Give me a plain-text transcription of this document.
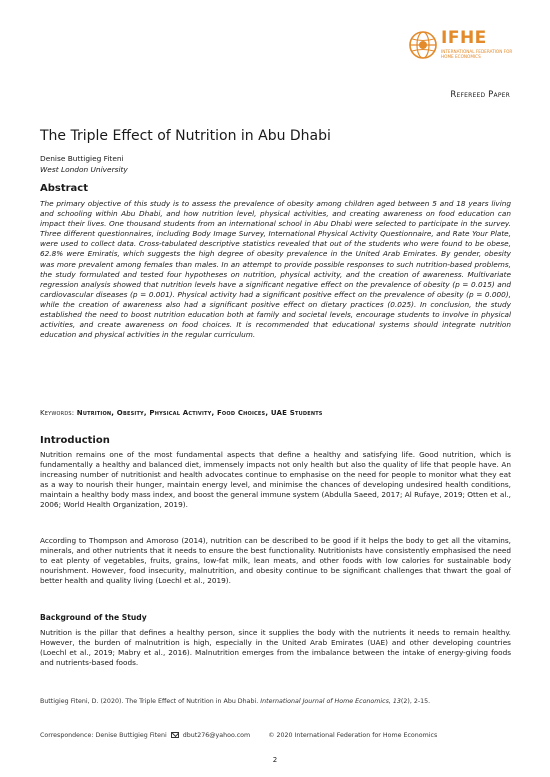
IFHE
INTERNATIONAL FEDERATION FOR HOME ECONOMICS
Refereed Paper
The Triple Effect of Nutrition in Abu Dhabi
Denise Buttigieg Fiteni
West London University
Abstract

The primary objective of this study is to assess the prevalence of obesity among children aged between 5 and 18 years living and schooling within Abu Dhabi, and how nutrition level, physical activities, and creating awareness on food education can impact their lives. One thousand students from an international school in Abu Dhabi were selected to participate in the survey. Three different questionnaires, including Body Image Survey, International Physical Activity Questionnaire, and Rate Your Plate, were used to collect data. Cross-tabulated descriptive statistics revealed that out of the students who were found to be obese, 62.8% were Emiratis, which suggests the high degree of obesity prevalence in the United Arab Emirates. By gender, obesity was more prevalent among females than males. In an attempt to provide possible responses to such nutrition-based problems, the study formulated and tested four hypotheses on nutrition, physical activity, and the creation of awareness. Multivariate regression analysis showed that nutrition levels have a significant negative effect on the prevalence of obesity (p = 0.015) and cardiovascular diseases (p = 0.001). Physical activity had a significant positive effect on the prevalence of obesity (p = 0.000), while the creation of awareness also had a significant positive effect on dietary practices (0.025). In conclusion, the study established the need to boost nutrition education both at family and societal levels, encourage students to involve in physical activities, and create awareness on food choices. It is recommended that educational systems should integrate nutrition education and physical activities in the regular curriculum.

Keywords: Nutrition, Obesity, Physical Activity, Food Choices, UAE Students
Introduction

Nutrition remains one of the most fundamental aspects that define a healthy and satisfying life. Good nutrition, which is fundamentally a healthy and balanced diet, immensely impacts not only health but also the quality of life that people have. An increasing number of nutritionist and health advocates continue to emphasise on the need for people to monitor what they eat as a way to nourish their hunger, maintain energy level, and minimise the chances of developing undesired health conditions, maintain a healthy body mass index, and boost the general immune system (Abdulla Saeed, 2017; Al Rufaye, 2019; Otten et al., 2006; World Health Organization, 2019).

According to Thompson and Amoroso (2014), nutrition can be described to be good if it helps the body to get all the vitamins, minerals, and other nutrients that it needs to ensure the best functionality. Nutritionists have consistently emphasised the need to eat plenty of vegetables, fruits, grains, low-fat milk, lean meats, and other foods with low calories for sustainable body nourishment. However, food insecurity, malnutrition, and obesity continue to be significant challenges that thwart the goal of better health and quality living (Loechl et al., 2019).

Background of the Study

Nutrition is the pillar that defines a healthy person, since it supplies the body with the nutrients it needs to remain healthy. However, the burden of malnutrition is high, especially in the United Arab Emirates (UAE) and other developing countries (Loechl et al., 2019; Mabry et al., 2016). Malnutrition emerges from the imbalance between the intake of energy-giving foods and nutrients-based foods.

Buttigieg Fiteni, D. (2020). The Triple Effect of Nutrition in Abu Dhabi. International Journal of Home Economics, 13(2), 2-15.
Correspondence: Denise Buttigieg Fiteni	dbut276@yahoo.com	© 2020 International Federation for Home Economics
2
